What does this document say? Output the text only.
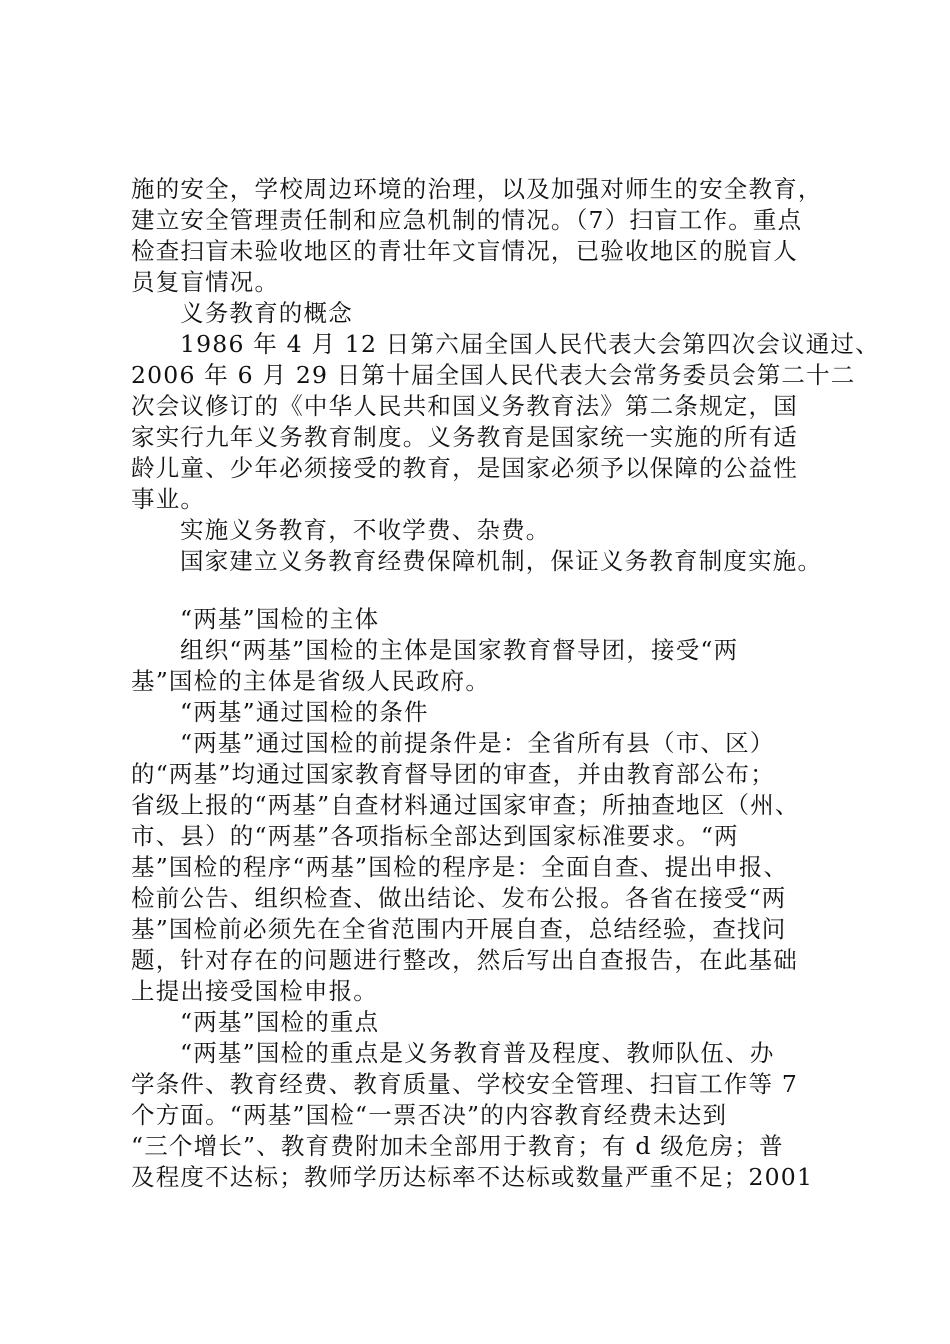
施的安全，学校周边环境的治理，以及加强对师生的安全教育，
建立安全管理责任制和应急机制的情况。（7）扫盲工作。重点
检查扫盲未验收地区的青壮年文盲情况，已验收地区的脱盲人
员复盲情况。
义务教育的概念
1986 年 4 月 12 日第六届全国人民代表大会第四次会议通过、
2006 年 6 月 29 日第十届全国人民代表大会常务委员会第二十二
次会议修订的《中华人民共和国义务教育法》第二条规定，国
家实行九年义务教育制度。义务教育是国家统一实施的所有适
龄儿童、少年必须接受的教育，是国家必须予以保障的公益性
事业。
实施义务教育，不收学费、杂费。
国家建立义务教育经费保障机制，保证义务教育制度实施。
“两基”国检的主体
组织“两基”国检的主体是国家教育督导团，接受“两
基”国检的主体是省级人民政府。
“两基”通过国检的条件
“两基”通过国检的前提条件是：全省所有县（市、区）
的“两基”均通过国家教育督导团的审查，并由教育部公布；
省级上报的“两基”自查材料通过国家审查；所抽查地区（州、
市、县）的“两基”各项指标全部达到国家标准要求。“两
基”国检的程序“两基”国检的程序是：全面自查、提出申报、
检前公告、组织检查、做出结论、发布公报。各省在接受“两
基”国检前必须先在全省范围内开展自查，总结经验，查找问
题，针对存在的问题进行整改，然后写出自查报告，在此基础
上提出接受国检申报。
“两基”国检的重点
“两基”国检的重点是义务教育普及程度、教师队伍、办
学条件、教育经费、教育质量、学校安全管理、扫盲工作等 7
个方面。“两基”国检“一票否决”的内容教育经费未达到
“三个增长”、教育费附加未全部用于教育；有 d 级危房；普
及程度不达标；教师学历达标率不达标或数量严重不足；2001
